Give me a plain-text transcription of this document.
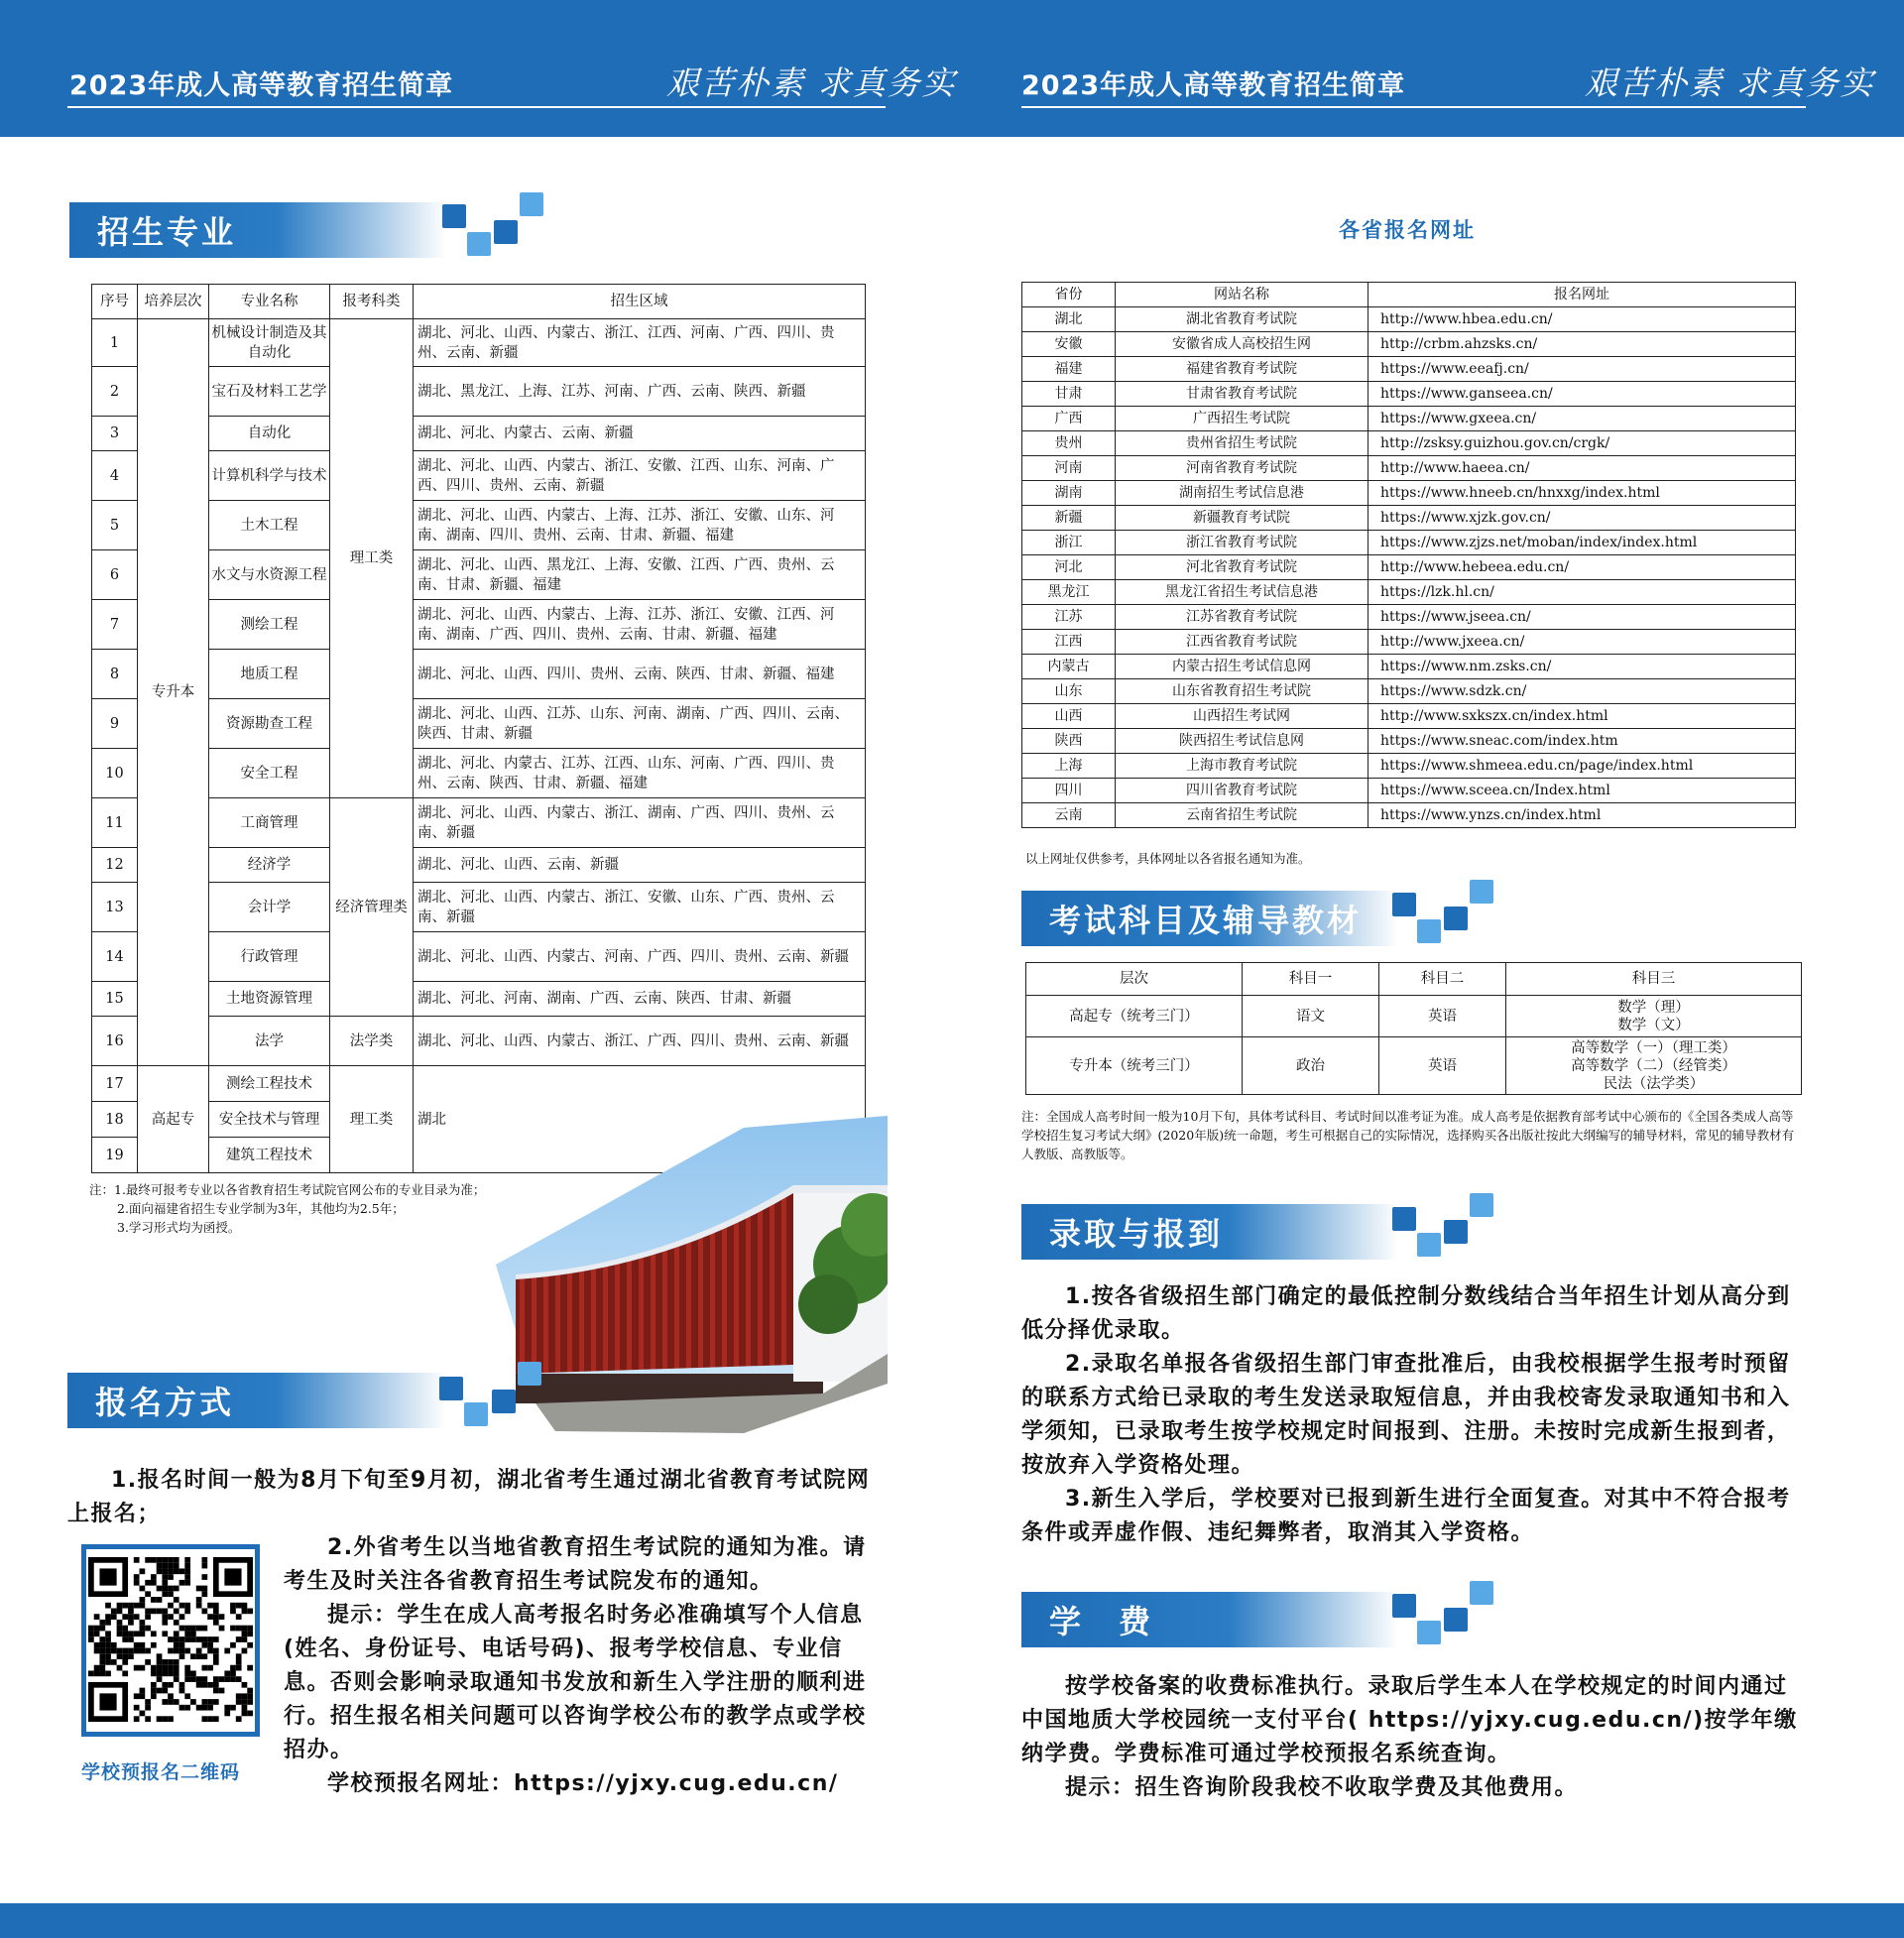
2023年成人高等教育招生简章	艰苦朴素 求真务实 2023年成人高等教育招生简章	艰苦朴素 求真务实
招生专业
序号	培养层次	专业名称	报考科类	招生区域
1	专升本	机械设计制造及其自动化	理工类	湖北、河北、山西、内蒙古、浙江、江西、河南、广西、四川、贵州、云南、新疆
2		宝石及材料工艺学		湖北、黑龙江、上海、江苏、河南、广西、云南、陕西、新疆
3		自动化		湖北、河北、内蒙古、云南、新疆
4		计算机科学与技术		湖北、河北、山西、内蒙古、浙江、安徽、江西、山东、河南、广西、四川、贵州、云南、新疆
5		土木工程		湖北、河北、山西、内蒙古、上海、江苏、浙江、安徽、山东、河南、湖南、四川、贵州、云南、甘肃、新疆、福建
6		水文与水资源工程		湖北、河北、山西、黑龙江、上海、安徽、江西、广西、贵州、云南、甘肃、新疆、福建
7		测绘工程		湖北、河北、山西、内蒙古、上海、江苏、浙江、安徽、江西、河南、湖南、广西、四川、贵州、云南、甘肃、新疆、福建
8		地质工程		湖北、河北、山西、四川、贵州、云南、陕西、甘肃、新疆、福建
9		资源勘查工程		湖北、河北、山西、江苏、山东、河南、湖南、广西、四川、云南、陕西、甘肃、新疆
10		安全工程		湖北、河北、内蒙古、江苏、江西、山东、河南、广西、四川、贵州、云南、陕西、甘肃、新疆、福建
11		工商管理	经济管理类	湖北、河北、山西、内蒙古、浙江、湖南、广西、四川、贵州、云南、新疆
12		经济学		湖北、河北、山西、云南、新疆
13		会计学		湖北、河北、山西、内蒙古、浙江、安徽、山东、广西、贵州、云南、新疆
14		行政管理		湖北、河北、山西、内蒙古、河南、广西、四川、贵州、云南、新疆
15		土地资源管理		湖北、河北、河南、湖南、广西、云南、陕西、甘肃、新疆
16		法学	法学类	湖北、河北、山西、内蒙古、浙江、广西、四川、贵州、云南、新疆
17	高起专	测绘工程技术	理工类	湖北
18		安全技术与管理		
19		建筑工程技术		
注：1.最终可报考专业以各省教育招生考试院官网公布的专业目录为准；
2.面向福建省招生专业学制为3年，其他均为2.5年；
3.学习形式均为函授。
报名方式

1.报名时间一般为8月下旬至9月初，湖北省考生通过湖北省教育考试院网上报名；

2.外省考生以当地省教育招生考试院的通知为准。请考生及时关注各省教育招生考试院发布的通知。

提示：学生在成人高考报名时务必准确填写个人信息(姓名、身份证号、电话号码)、报考学校信息、专业信息。否则会影响录取通知书发放和新生入学注册的顺利进行。招生报名相关问题可以咨询学校公布的教学点或学校招办。

学校预报名网址：https://yjxy.cug.edu.cn/

学校预报名二维码
各省报名网址
省份	网站名称	报名网址
湖北	湖北省教育考试院	http://www.hbea.edu.cn/
安徽	安徽省成人高校招生网	http://crbm.ahzsks.cn/
福建	福建省教育考试院	https://www.eeafj.cn/
甘肃	甘肃省教育考试院	https://www.ganseea.cn/
广西	广西招生考试院	https://www.gxeea.cn/
贵州	贵州省招生考试院	http://zsksy.guizhou.gov.cn/crgk/
河南	河南省教育考试院	http://www.haeea.cn/
湖南	湖南招生考试信息港	https://www.hneeb.cn/hnxxg/index.html
新疆	新疆教育考试院	https://www.xjzk.gov.cn/
浙江	浙江省教育考试院	https://www.zjzs.net/moban/index/index.html
河北	河北省教育考试院	http://www.hebeea.edu.cn/
黑龙江	黑龙江省招生考试信息港	https://lzk.hl.cn/
江苏	江苏省教育考试院	https://www.jseea.cn/
江西	江西省教育考试院	http://www.jxeea.cn/
内蒙古	内蒙古招生考试信息网	https://www.nm.zsks.cn/
山东	山东省教育招生考试院	https://www.sdzk.cn/
山西	山西招生考试网	http://www.sxkszx.cn/index.html
陕西	陕西招生考试信息网	https://www.sneac.com/index.htm
上海	上海市教育考试院	https://www.shmeea.edu.cn/page/index.html
四川	四川省教育考试院	https://www.sceea.cn/Index.html
云南	云南省招生考试院	https://www.ynzs.cn/index.html
以上网址仅供参考，具体网址以各省报名通知为准。
考试科目及辅导教材
层次	科目一	科目二	科目三
高起专（统考三门）	语文	英语	数学（理）
数学（文）

专升本（统考三门）	政治	英语	高等数学（一）（理工类）
高等数学（二）（经管类）
民法（法学类）
注：全国成人高考时间一般为10月下旬，具体考试科目、考试时间以准考证为准。成人高考是依据教育部考试中心颁布的《全国各类成人高等学校招生复习考试大纲》(2020年版)统一命题，考生可根据自己的实际情况，选择购买各出版社按此大纲编写的辅导材料，常见的辅导教材有人教版、高教版等。
录取与报到

1.按各省级招生部门确定的最低控制分数线结合当年招生计划从高分到低分择优录取。

2.录取名单报各省级招生部门审查批准后，由我校根据学生报考时预留的联系方式给已录取的考生发送录取短信息，并由我校寄发录取通知书和入学须知，已录取考生按学校规定时间报到、注册。未按时完成新生报到者，按放弃入学资格处理。

3.新生入学后，学校要对已报到新生进行全面复查。对其中不符合报考条件或弄虚作假、违纪舞弊者，取消其入学资格。

学　费

按学校备案的收费标准执行。录取后学生本人在学校规定的时间内通过中国地质大学校园统一支付平台( https://yjxy.cug.edu.cn/)按学年缴纳学费。学费标准可通过学校预报名系统查询。

提示：招生咨询阶段我校不收取学费及其他费用。
